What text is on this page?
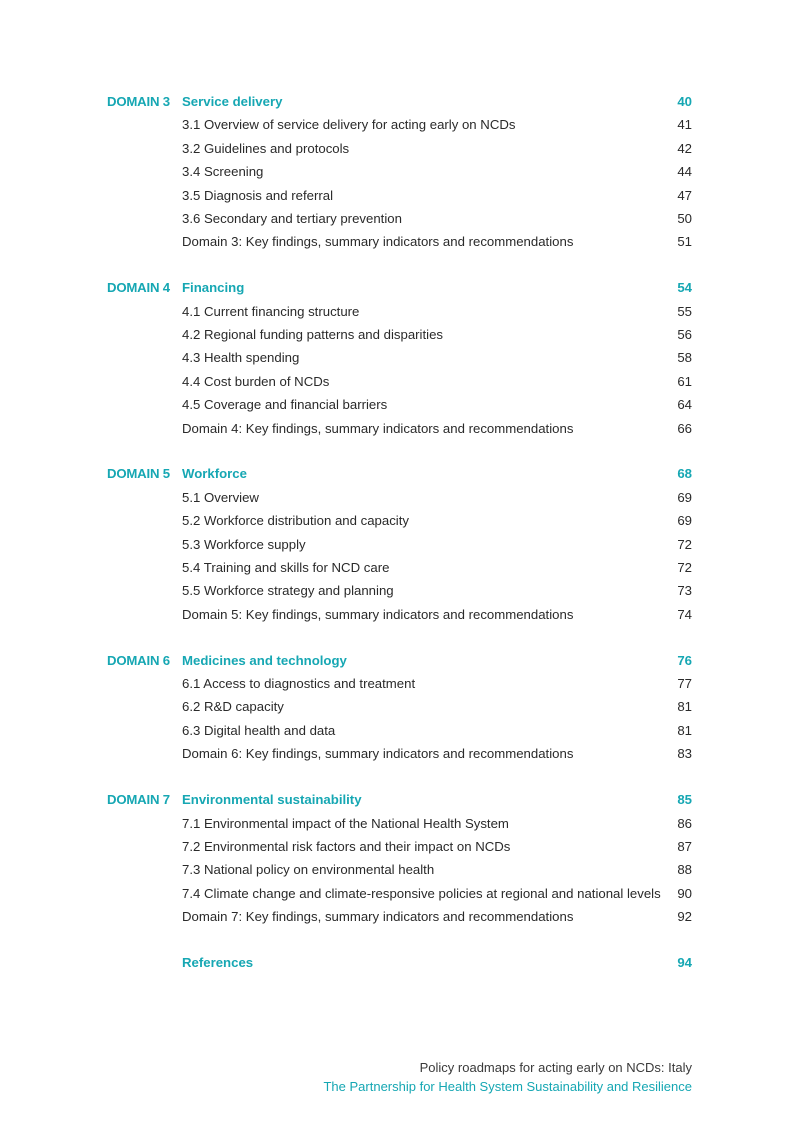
DOMAIN 3 Service delivery	40
3.1 Overview of service delivery for acting early on NCDs	41
3.2 Guidelines and protocols	42
3.4 Screening	44
3.5 Diagnosis and referral	47
3.6 Secondary and tertiary prevention	50
Domain 3: Key findings, summary indicators and recommendations	51
DOMAIN 4 Financing	54
4.1 Current financing structure	55
4.2 Regional funding patterns and disparities	56
4.3 Health spending	58
4.4 Cost burden of NCDs	61
4.5 Coverage and financial barriers	64
Domain 4: Key findings, summary indicators and recommendations	66
DOMAIN 5 Workforce	68
5.1 Overview	69
5.2 Workforce distribution and capacity	69
5.3 Workforce supply	72
5.4 Training and skills for NCD care	72
5.5 Workforce strategy and planning	73
Domain 5: Key findings, summary indicators and recommendations	74
DOMAIN 6 Medicines and technology	76
6.1 Access to diagnostics and treatment	77
6.2 R&D capacity	81
6.3 Digital health and data	81
Domain 6: Key findings, summary indicators and recommendations	83
DOMAIN 7 Environmental sustainability	85
7.1 Environmental impact of the National Health System	86
7.2 Environmental risk factors and their impact on NCDs	87
7.3 National policy on environmental health	88
7.4 Climate change and climate-responsive policies at regional and national levels 90
Domain 7: Key findings, summary indicators and recommendations	92
References	94
Policy roadmaps for acting early on NCDs: Italy
The Partnership for Health System Sustainability and Resilience
